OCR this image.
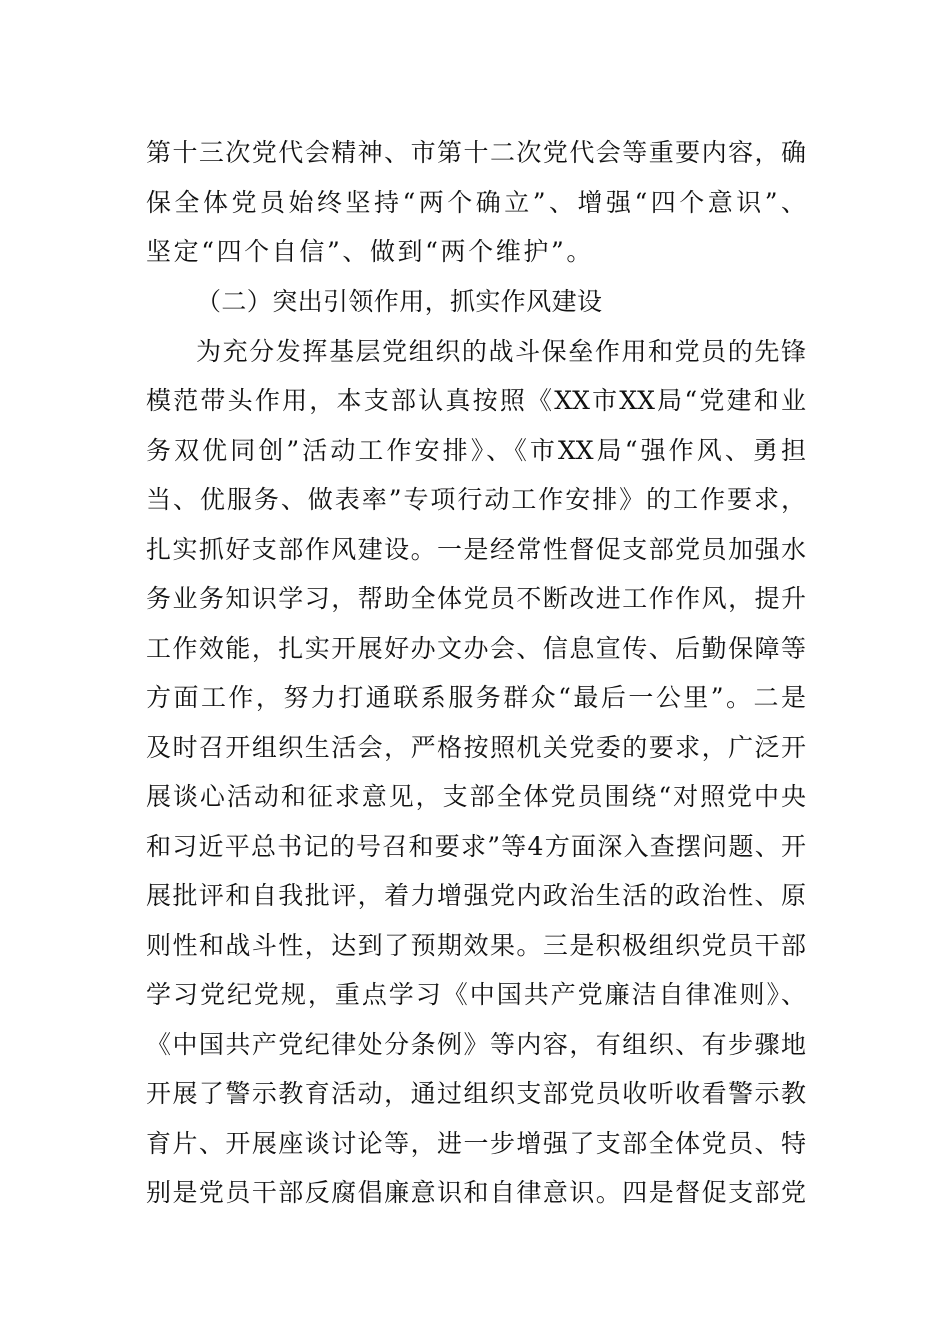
第十三次党代会精神、市第十二次党代会等重要内容，确
保全体党员始终坚持“两个确立”、增强“四个意识”、
坚定“四个自信”、做到“两个维护”。
（二）突出引领作用，抓实作风建设
为充分发挥基层党组织的战斗保垒作用和党员的先锋
模范带头作用，本支部认真按照《XX市XX局“党建和业
务双优同创”活动工作安排》、《市XX局“强作风、勇担
当、优服务、做表率”专项行动工作安排》的工作要求，
扎实抓好支部作风建设。一是经常性督促支部党员加强水
务业务知识学习，帮助全体党员不断改进工作作风，提升
工作效能，扎实开展好办文办会、信息宣传、后勤保障等
方面工作，努力打通联系服务群众“最后一公里”。二是
及时召开组织生活会，严格按照机关党委的要求，广泛开
展谈心活动和征求意见，支部全体党员围绕“对照党中央
和习近平总书记的号召和要求”等4方面深入查摆问题、开
展批评和自我批评，着力增强党内政治生活的政治性、原
则性和战斗性，达到了预期效果。三是积极组织党员干部
学习党纪党规，重点学习《中国共产党廉洁自律准则》、
《中国共产党纪律处分条例》等内容，有组织、有步骤地
开展了警示教育活动，通过组织支部党员收听收看警示教
育片、开展座谈讨论等，进一步增强了支部全体党员、特
别是党员干部反腐倡廉意识和自律意识。四是督促支部党
